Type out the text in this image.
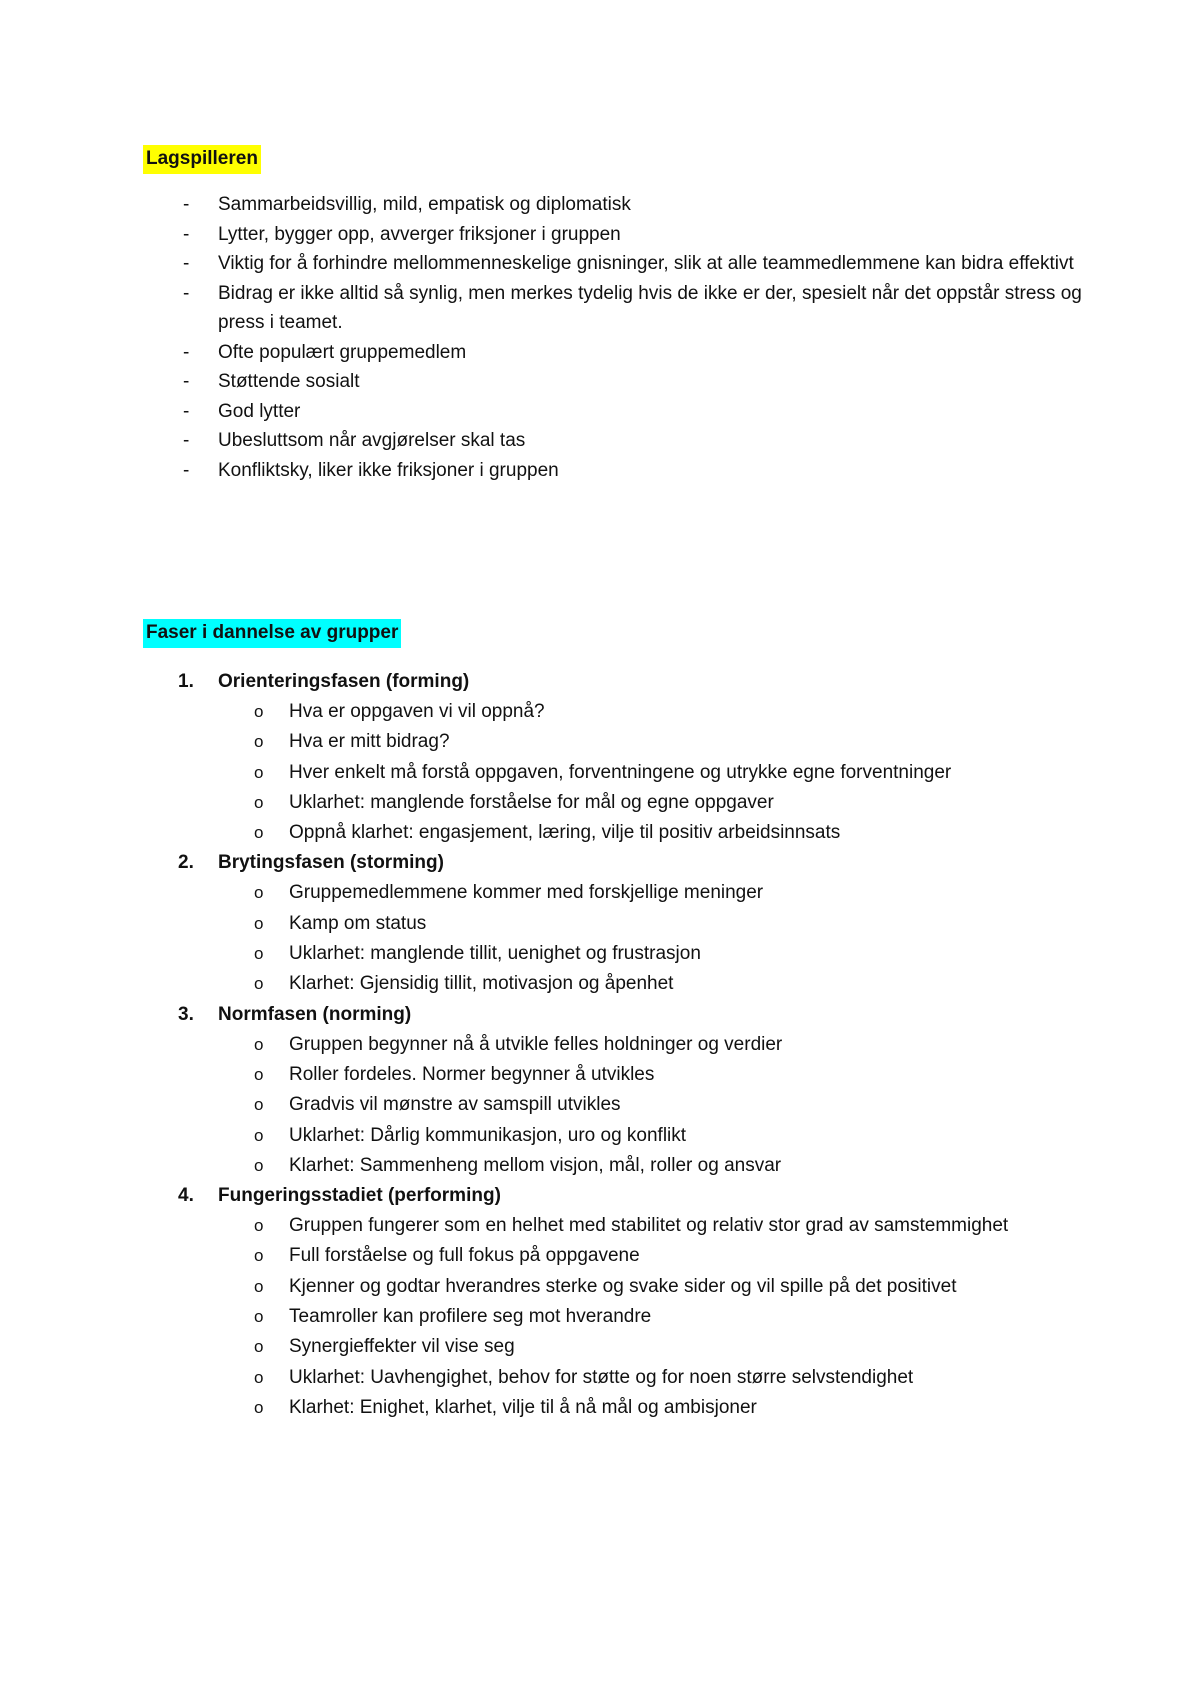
Lagspilleren
- Sammarbeidsvillig, mild, empatisk og diplomatisk
- Lytter, bygger opp, avverger friksjoner i gruppen
- Viktig for å forhindre mellommenneskelige gnisninger, slik at alle teammedlemmene kan bidra effektivt
- Bidrag er ikke alltid så synlig, men merkes tydelig hvis de ikke er der, spesielt når det oppstår stress og press i teamet.
- Ofte populært gruppemedlem
- Støttende sosialt
- God lytter
- Ubesluttsom når avgjørelser skal tas
- Konfliktsky, liker ikke friksjoner i gruppen
Faser i dannelse av grupper
1. Orienteringsfasen (forming)
o Hva er oppgaven vi vil oppnå?
o Hva er mitt bidrag?
o Hver enkelt må forstå oppgaven, forventningene og utrykke egne forventninger
o Uklarhet: manglende forståelse for mål og egne oppgaver
o Oppnå klarhet: engasjement, læring, vilje til positiv arbeidsinnsats
2. Brytingsfasen (storming)
o Gruppemedlemmene kommer med forskjellige meninger
o Kamp om status
o Uklarhet: manglende tillit, uenighet og frustrasjon
o Klarhet: Gjensidig tillit, motivasjon og åpenhet
3. Normfasen (norming)
o Gruppen begynner nå å utvikle felles holdninger og verdier
o Roller fordeles. Normer begynner å utvikles
o Gradvis vil mønstre av samspill utvikles
o Uklarhet: Dårlig kommunikasjon, uro og konflikt
o Klarhet: Sammenheng mellom visjon, mål, roller og ansvar
4. Fungeringsstadiet (performing)
o Gruppen fungerer som en helhet med stabilitet og relativ stor grad av samstemmighet
o Full forståelse og full fokus på oppgavene
o Kjenner og godtar hverandres sterke og svake sider og vil spille på det positivet
o Teamroller kan profilere seg mot hverandre
o Synergieffekter vil vise seg
o Uklarhet: Uavhengighet, behov for støtte og for noen større selvstendighet
o Klarhet: Enighet, klarhet, vilje til å nå mål og ambisjoner
